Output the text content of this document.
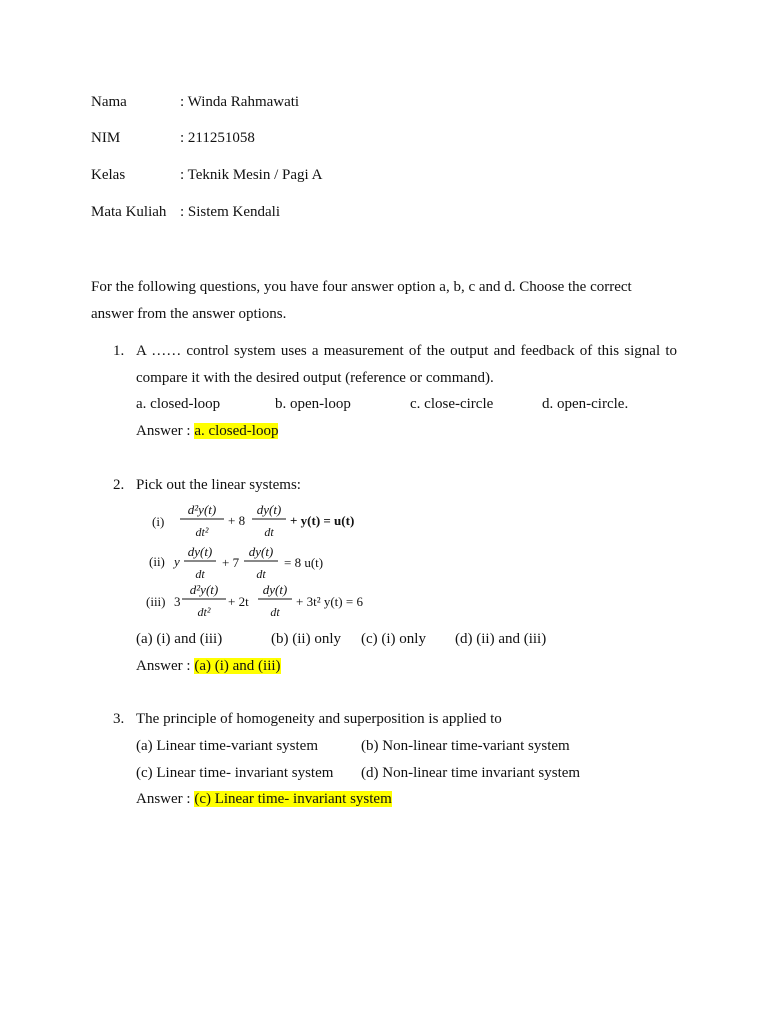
Nama	: Winda Rahmawati
NIM	: 211251058
Kelas	: Teknik Mesin / Pagi A
Mata Kuliah : Sistem Kendali
For the following questions, you have four answer option a, b, c and d. Choose the correct
answer from the answer options.
1. A …… control system uses a measurement of the output and feedback of this signal to
compare it with the desired output (reference or command).
a. closed-loop	b. open-loop	c. close-circle	d. open-circle.
Answer : a. closed-loop
2. Pick out the linear systems:
(i)
d²y(t)
dt²
+ 8
dy(t)
dt
+ y(t) = u(t)
(ii) y
dy(t)
dt
+ 7
dy(t)
dt
= 8 u(t)
(iii) 3
d²y(t)
dt²
+ 2t
dy(t)
dt
+ 3t² y(t) = 6
(a) (i) and (iii)	(b) (ii) only (c) (i) only (d) (ii) and (iii)
Answer : (a) (i) and (iii)
3. The principle of homogeneity and superposition is applied to
(a) Linear time-variant system	(b) Non-linear time-variant system
(c) Linear time- invariant system (d) Non-linear time invariant system
Answer : (c) Linear time- invariant system
